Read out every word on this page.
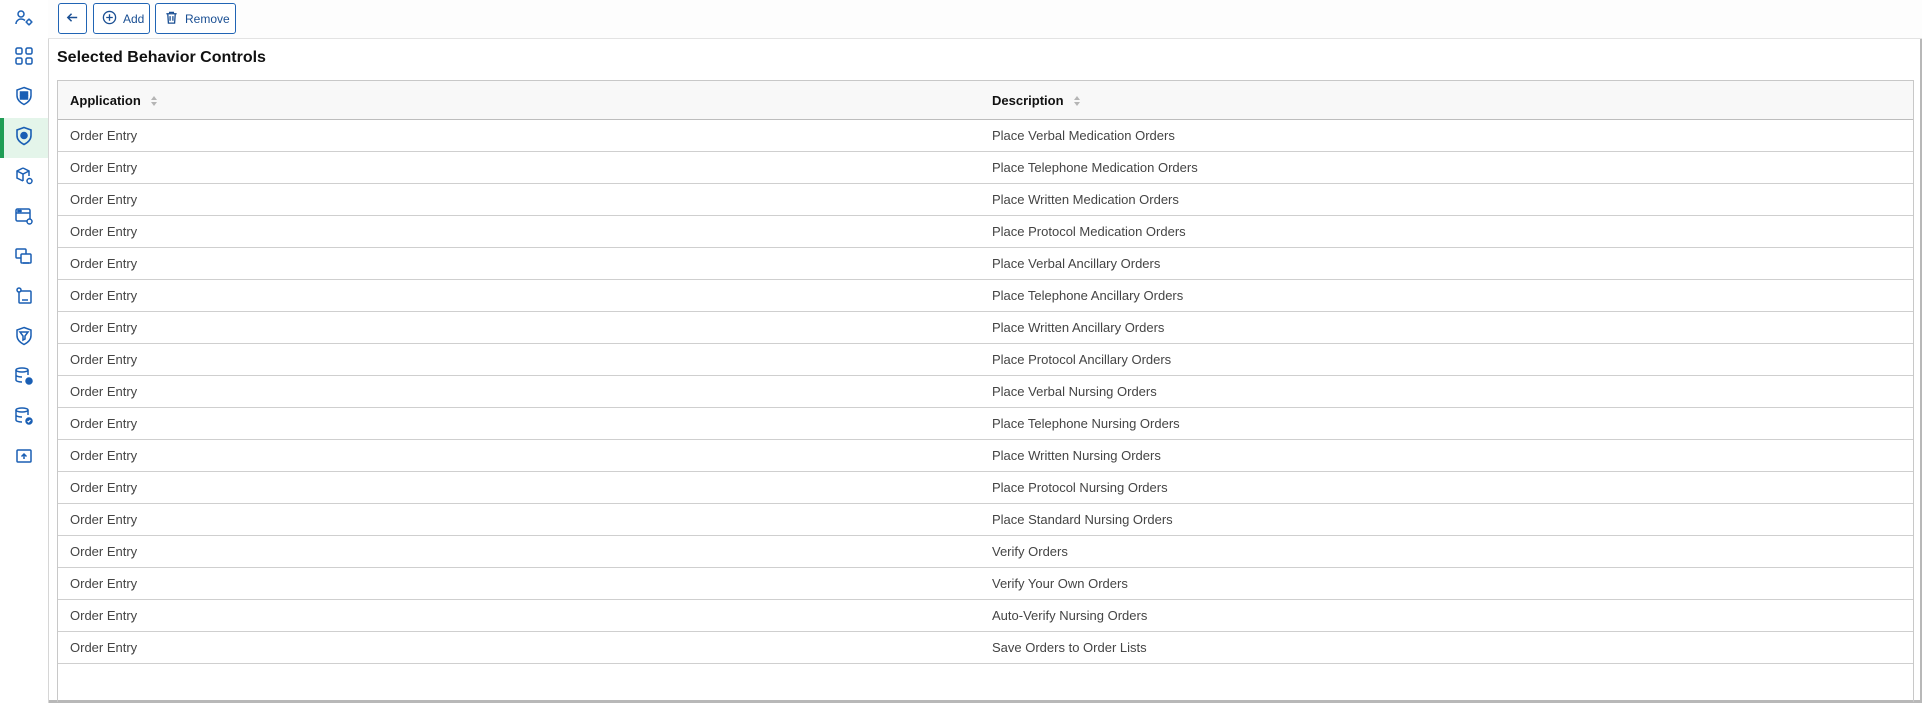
Add	Remove
Selected Behavior Controls
Application	Description
Order Entry	Place Verbal Medication Orders
Order Entry	Place Telephone Medication Orders
Order Entry	Place Written Medication Orders
Order Entry	Place Protocol Medication Orders
Order Entry	Place Verbal Ancillary Orders
Order Entry	Place Telephone Ancillary Orders
Order Entry	Place Written Ancillary Orders
Order Entry	Place Protocol Ancillary Orders
Order Entry	Place Verbal Nursing Orders
Order Entry	Place Telephone Nursing Orders
Order Entry	Place Written Nursing Orders
Order Entry	Place Protocol Nursing Orders
Order Entry	Place Standard Nursing Orders
Order Entry	Verify Orders
Order Entry	Verify Your Own Orders
Order Entry	Auto-Verify Nursing Orders
Order Entry	Save Orders to Order Lists
